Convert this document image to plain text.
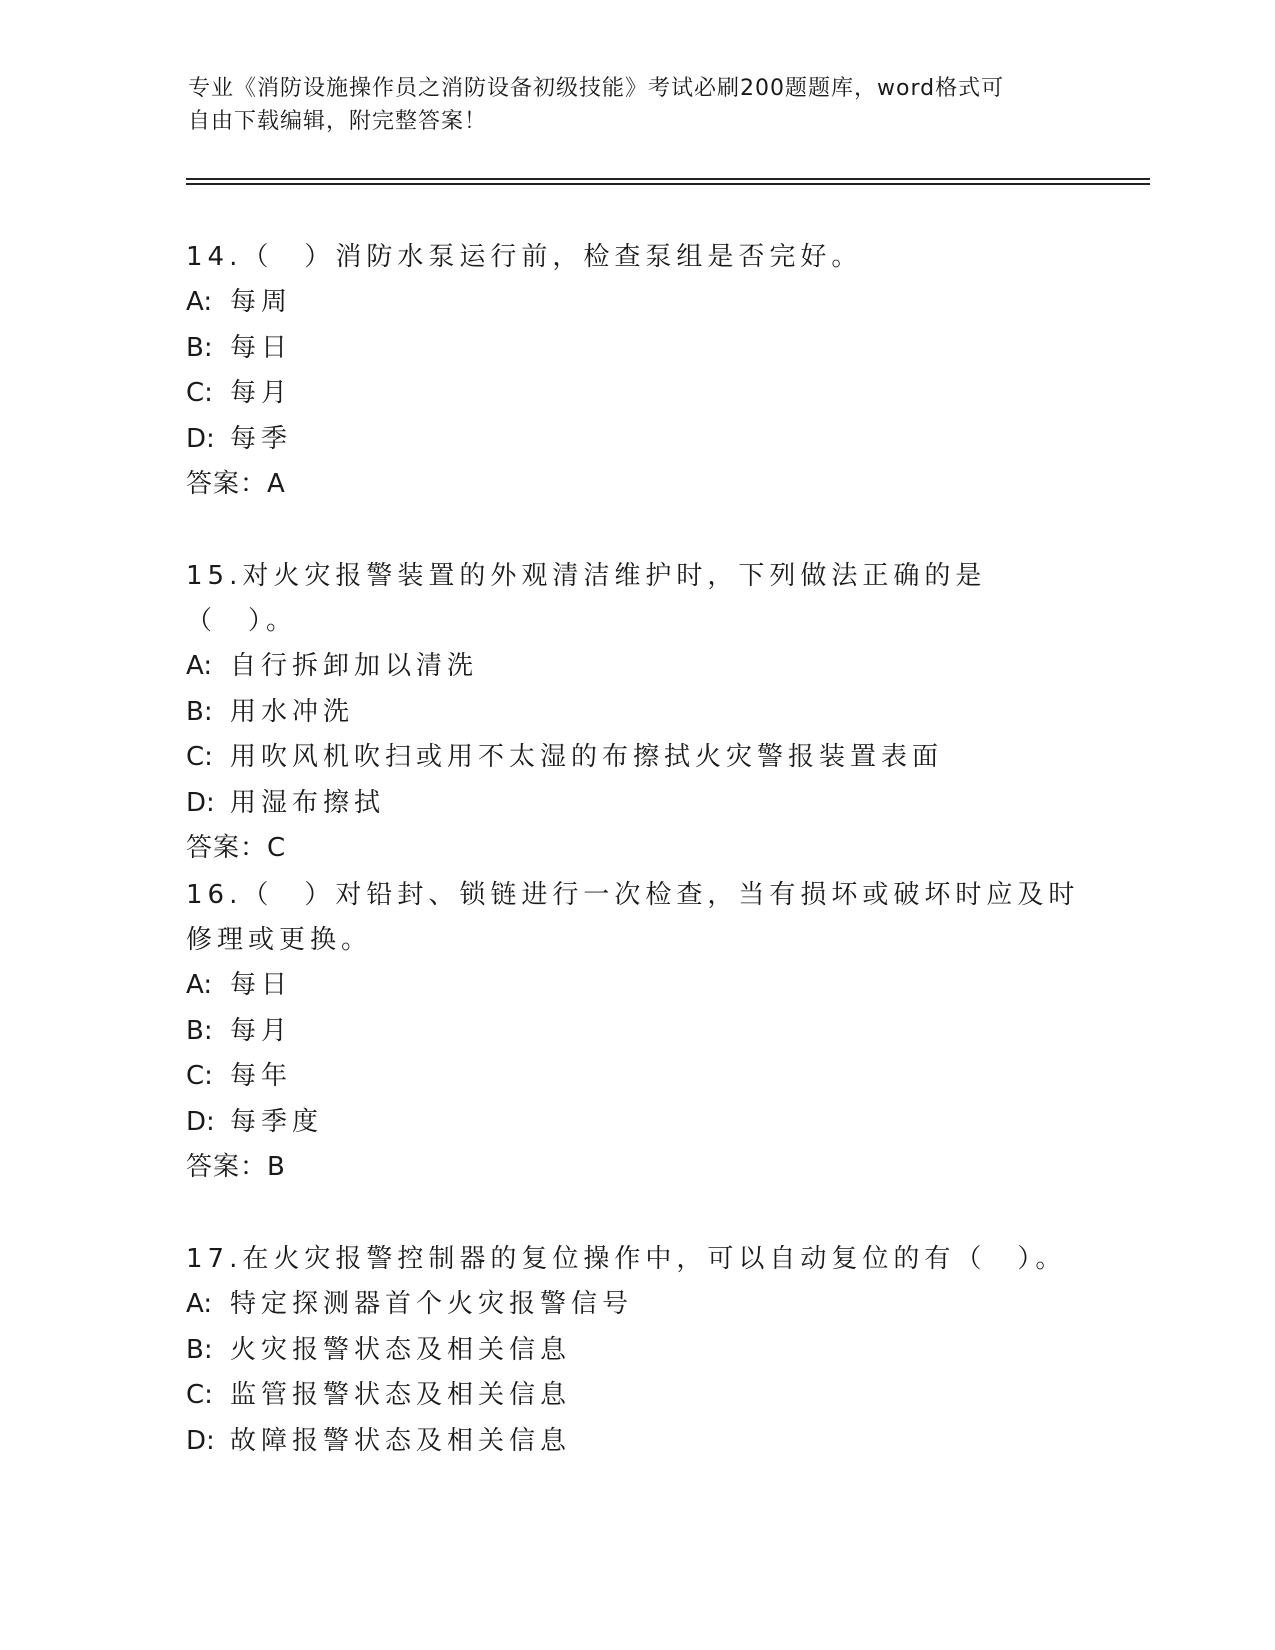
专业《消防设施操作员之消防设备初级技能》考试必刷200题题库，word格式可
自由下载编辑，附完整答案！

14.（　）消防水泵运行前，检查泵组是否完好。

A: 每周

B: 每日

C: 每月

D: 每季

答案：A

15.对火灾报警装置的外观清洁维护时，下列做法正确的是（　）。

A: 自行拆卸加以清洗

B: 用水冲洗

C: 用吹风机吹扫或用不太湿的布擦拭火灾警报装置表面

D: 用湿布擦拭

答案：C

16.（　）对铅封、锁链进行一次检查，当有损坏或破坏时应及时修理或更换。

A: 每日

B: 每月

C: 每年

D: 每季度

答案：B

17.在火灾报警控制器的复位操作中，可以自动复位的有（　）。

A: 特定探测器首个火灾报警信号

B: 火灾报警状态及相关信息

C: 监管报警状态及相关信息

D: 故障报警状态及相关信息
